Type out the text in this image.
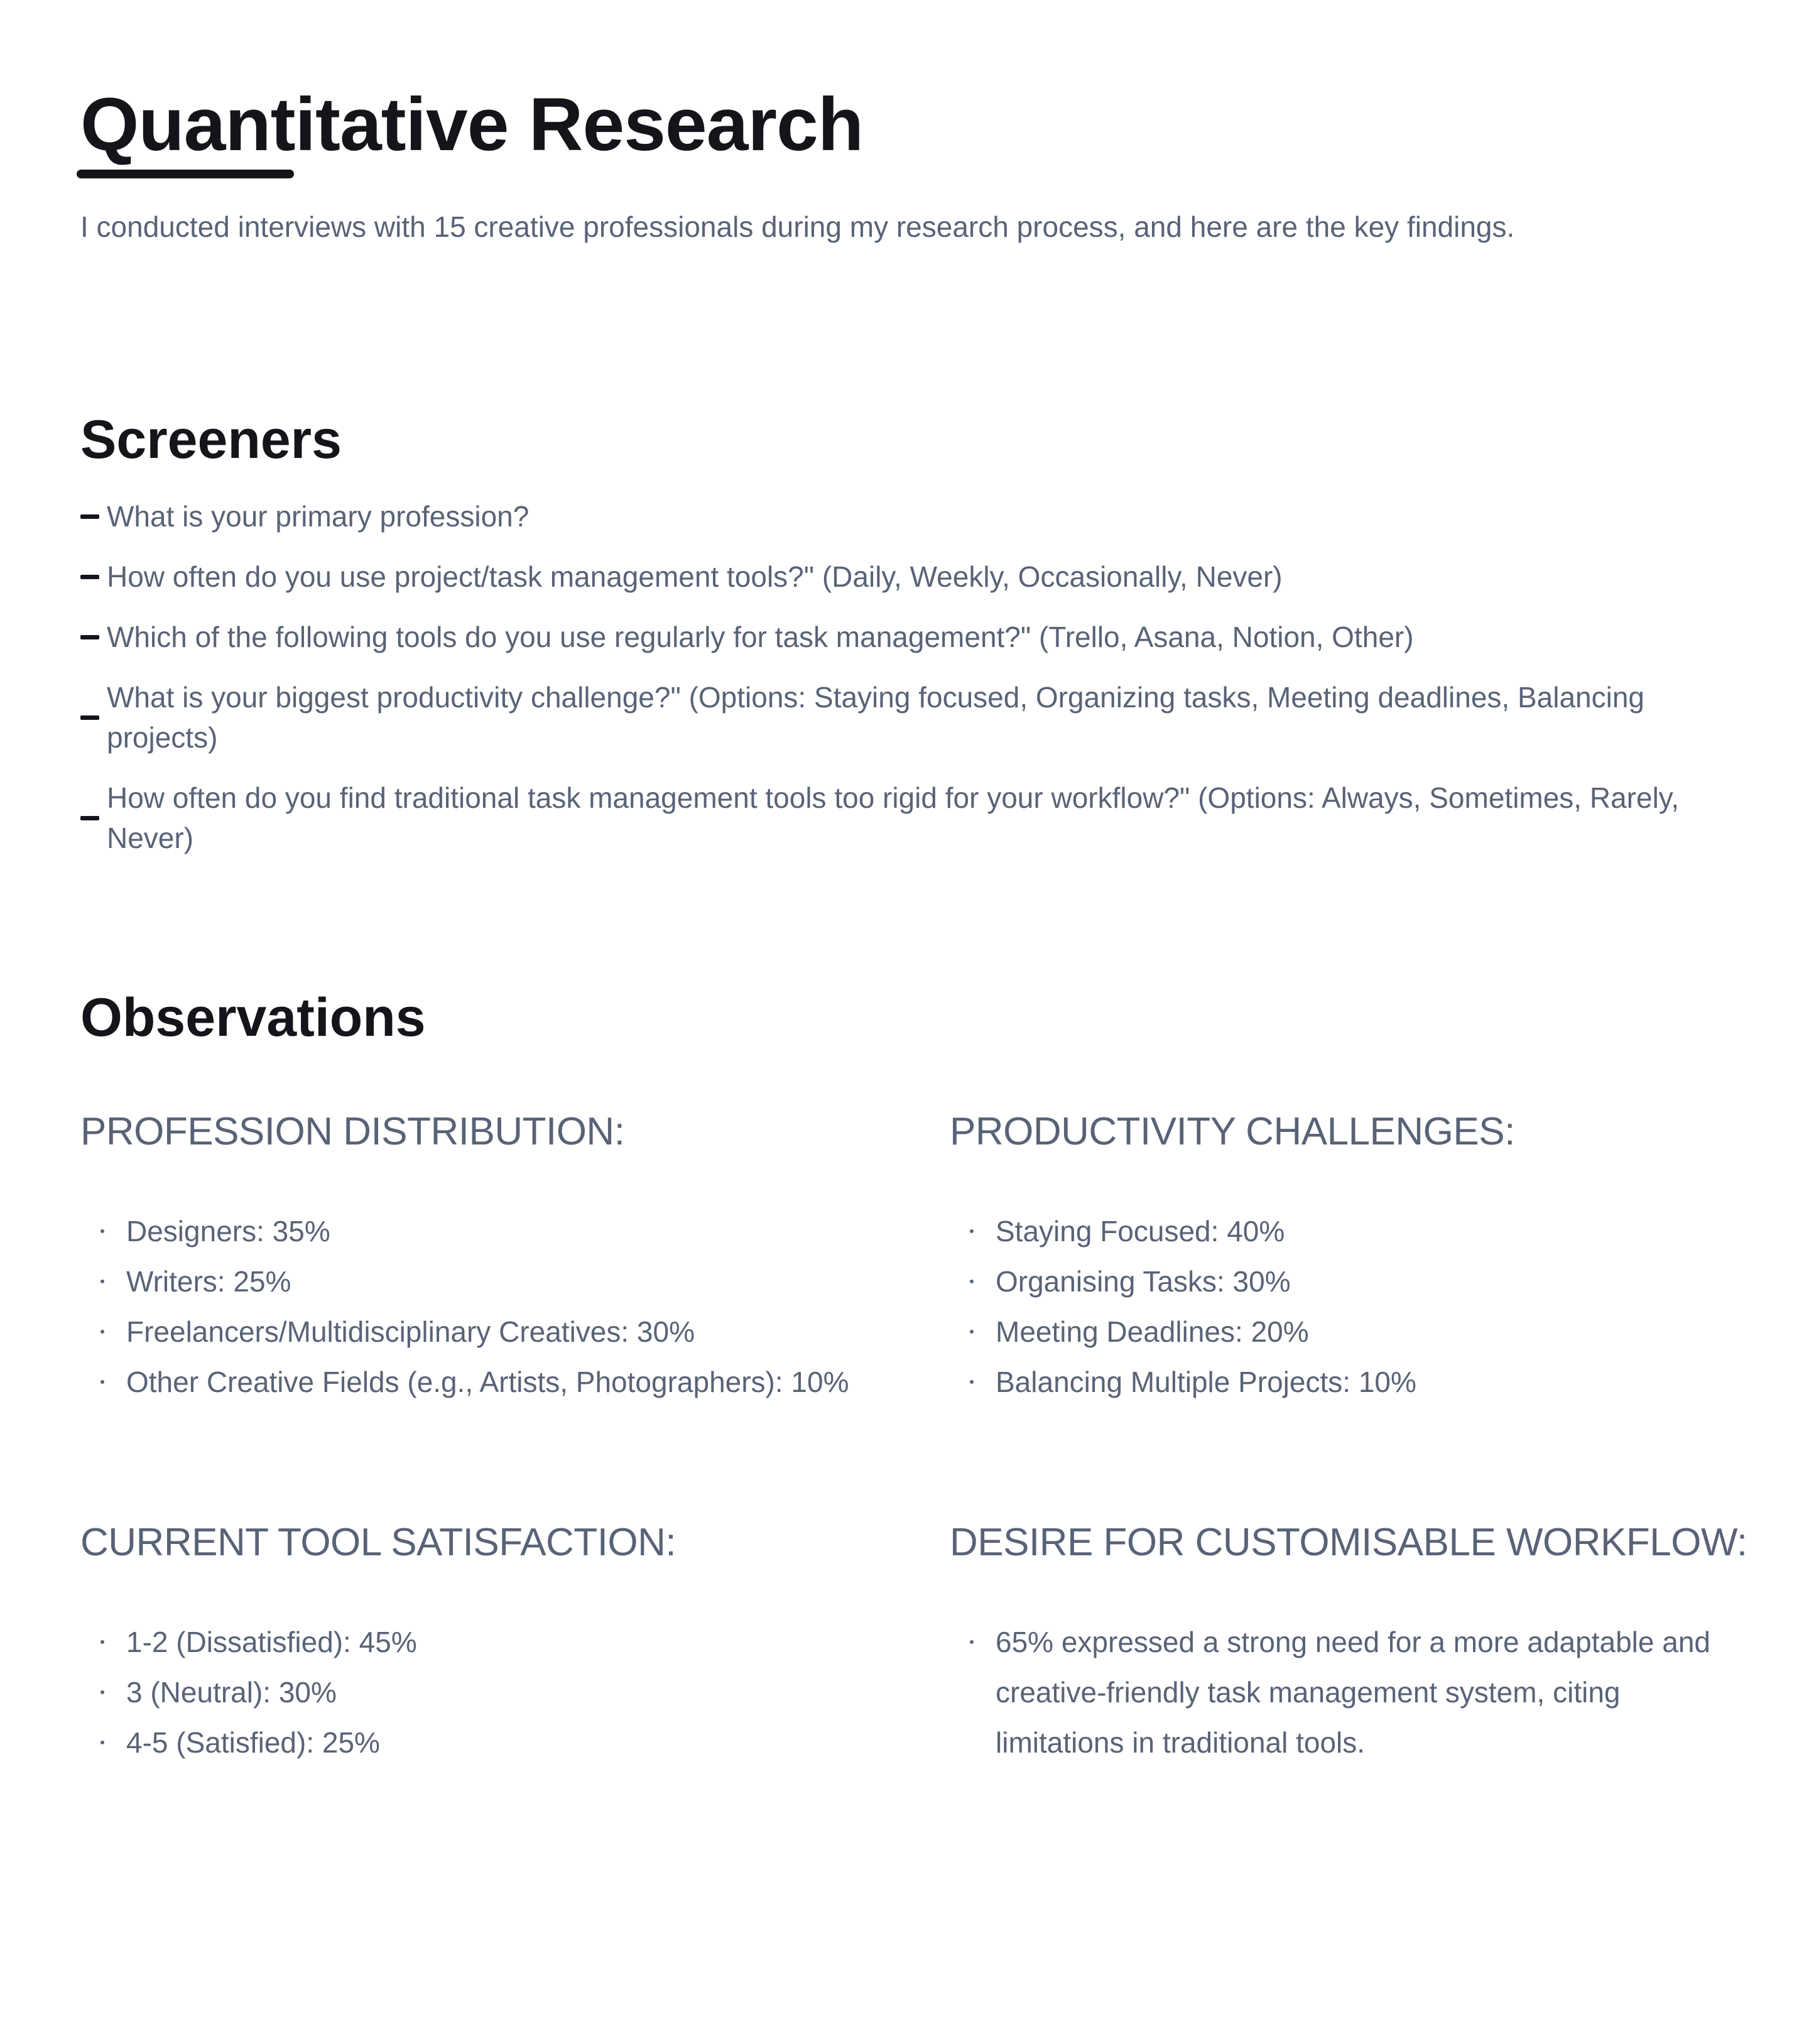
Quantitative Research

I conducted interviews with 15 creative professionals during my research process, and here are the key findings.

Screeners
What is your primary profession?
How often do you use project/task management tools?" (Daily, Weekly, Occasionally, Never)
Which of the following tools do you use regularly for task management?" (Trello, Asana, Notion, Other)
What is your biggest productivity challenge?" (Options: Staying focused, Organizing tasks, Meeting deadlines, Balancing projects)
How often do you find traditional task management tools too rigid for your workflow?" (Options: Always, Sometimes, Rarely, Never)
Observations
PROFESSION DISTRIBUTION:
Designers: 35%
Writers: 25%
Freelancers/Multidisciplinary Creatives: 30%
Other Creative Fields (e.g., Artists, Photographers): 10%
PRODUCTIVITY CHALLENGES:
Staying Focused: 40%
Organising Tasks: 30%
Meeting Deadlines: 20%
Balancing Multiple Projects: 10%
CURRENT TOOL SATISFACTION:
1-2 (Dissatisfied): 45%
3 (Neutral): 30%
4-5 (Satisfied): 25%
DESIRE FOR CUSTOMISABLE WORKFLOW:
65% expressed a strong need for a more adaptable and creative-friendly task management system, citing limitations in traditional tools.
